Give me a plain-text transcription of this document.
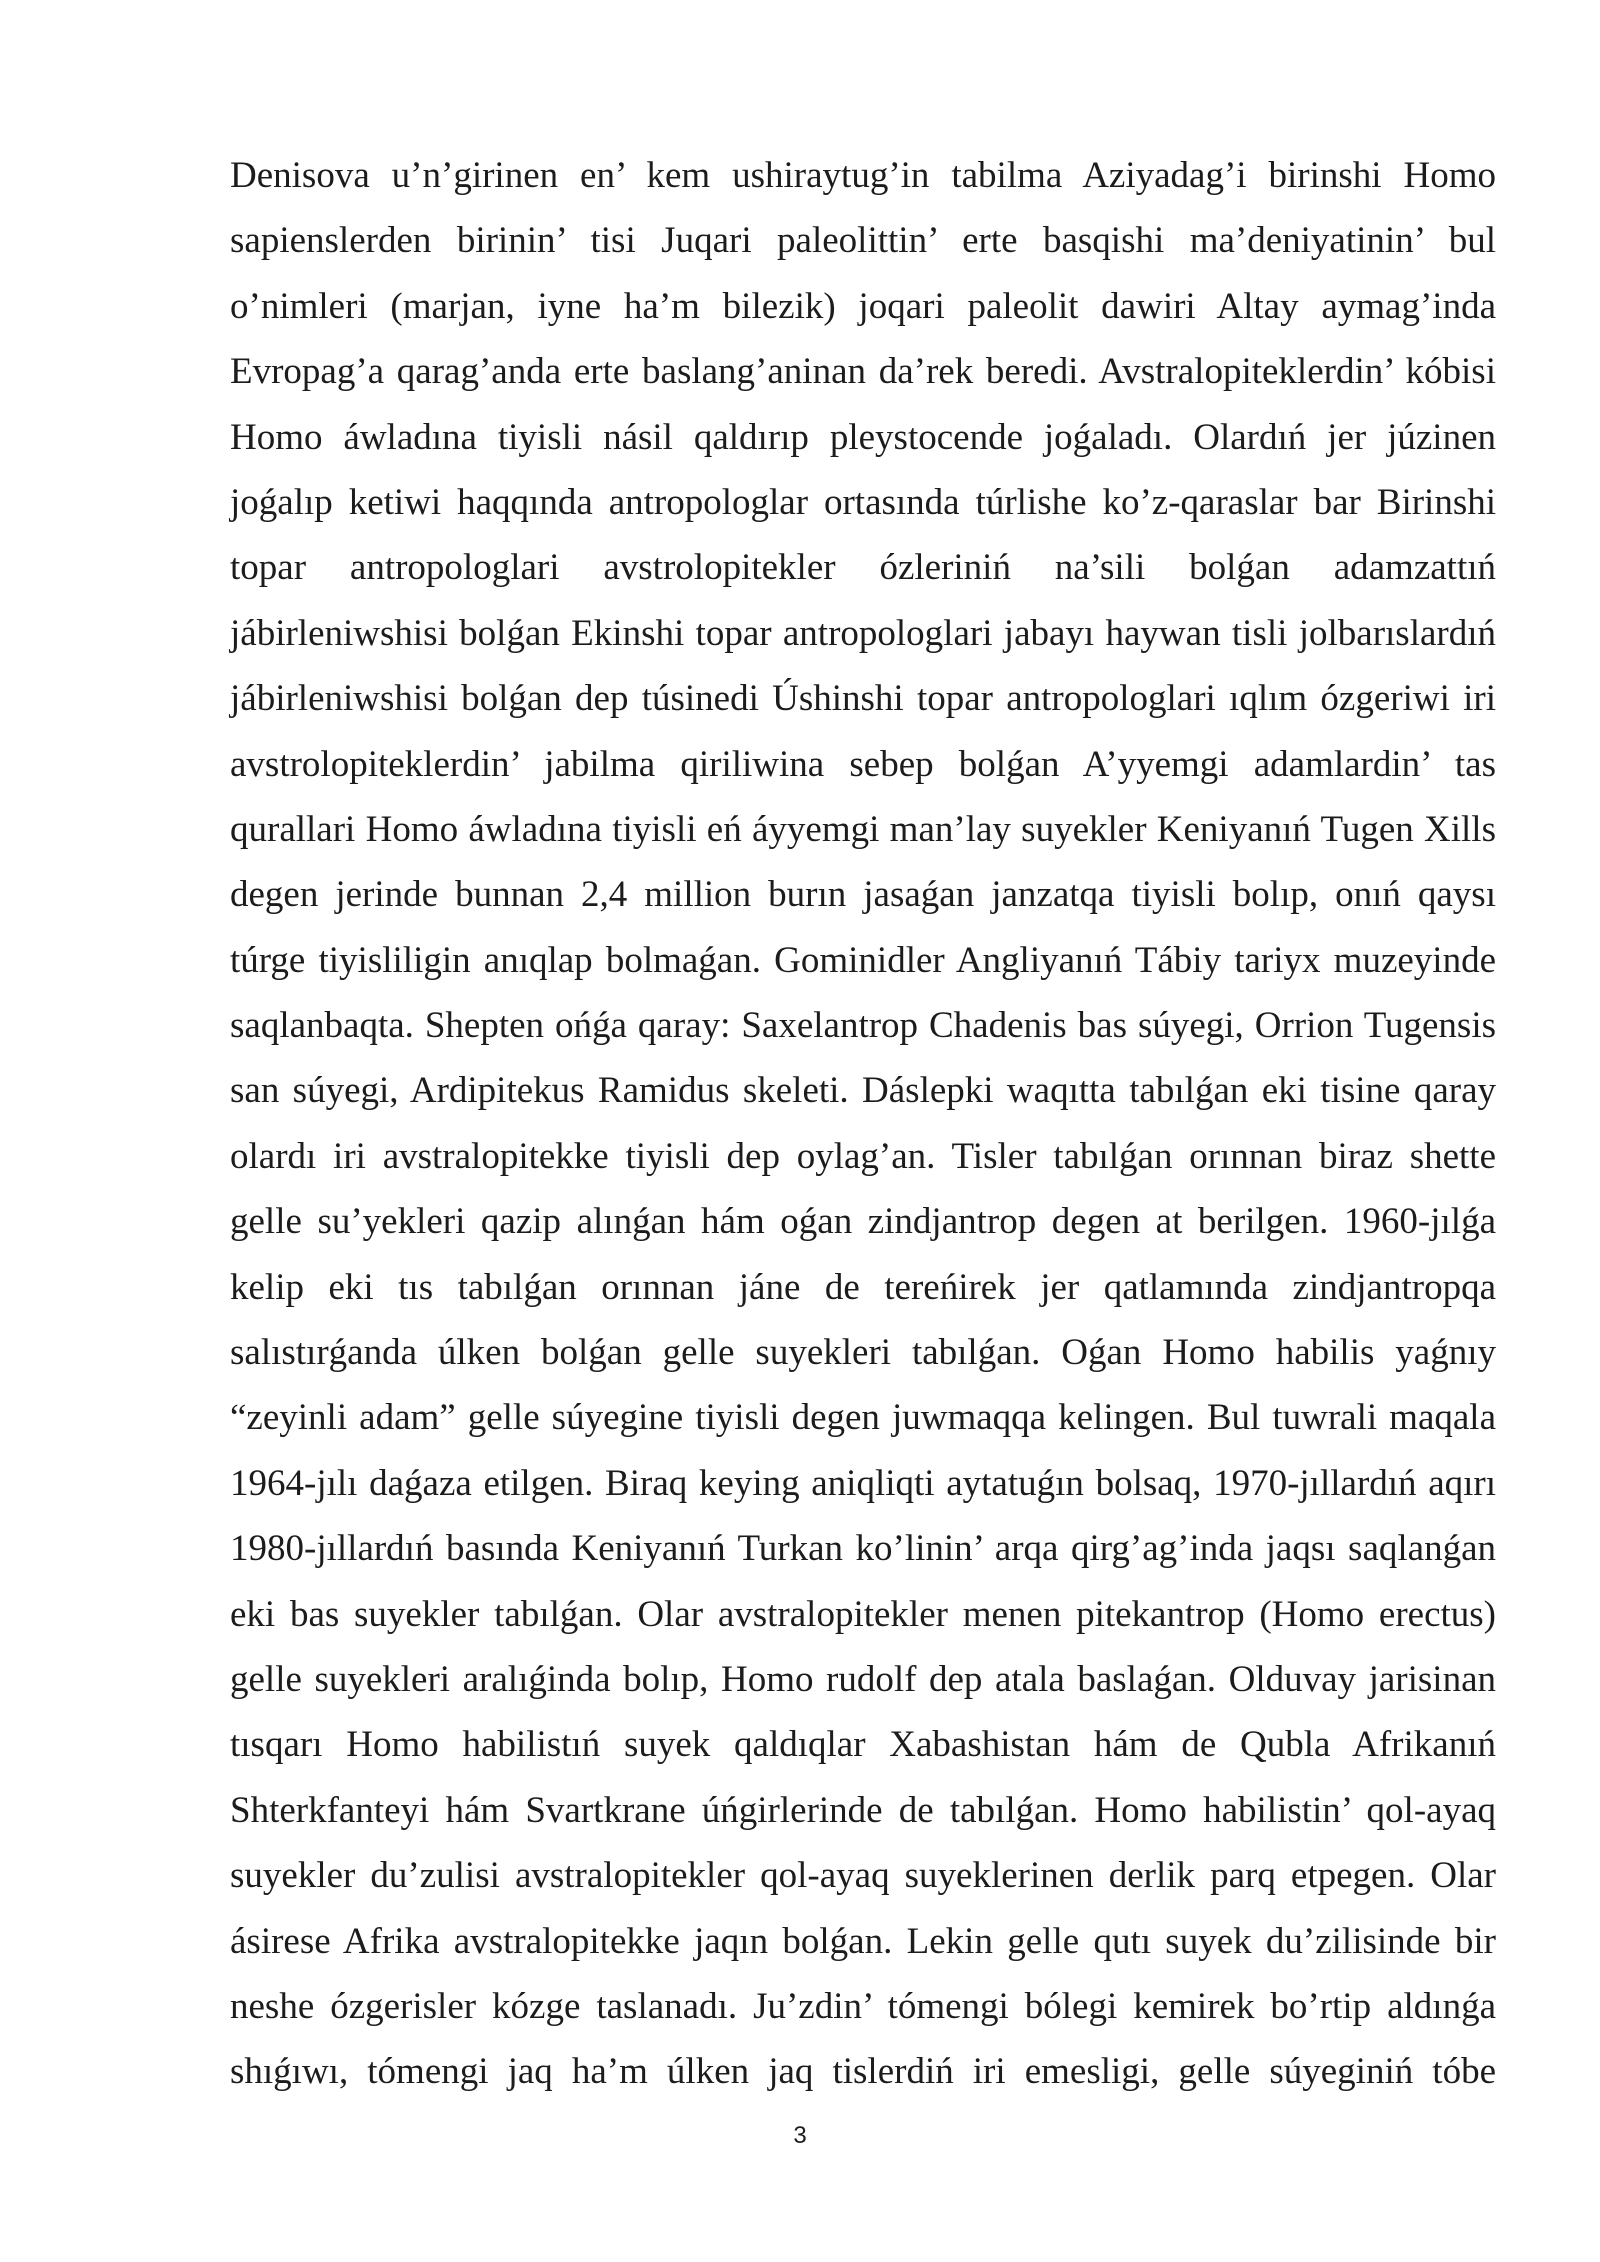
Denisova u’n’girinen en’ kem ushiraytug’in tabilma Aziyadag’i birinshi Homo
sapienslerden birinin’ tisi Juqari paleolittin’ erte basqishi ma’deniyatinin’ bul
o’nimleri (marjan, iyne ha’m bilezik) joqari paleolit dawiri Altay aymag’inda
Evropag’a qarag’anda erte baslang’aninan da’rek beredi. Avstralopiteklerdin’ kóbisi
Homo áwladına tiyisli násil qaldırıp pleystocende joǵaladı. Olardıń jer júzinen
joǵalıp ketiwi haqqında antropologlar ortasında túrlishe ko’z-qaraslar bar Birinshi
topar antropologlari avstrolopitekler ózleriniń na’sili bolǵan adamzattıń
jábirleniwshisi bolǵan Ekinshi topar antropologlari jabayı haywan tisli jolbarıslardıń
jábirleniwshisi bolǵan dep túsinedi Úshinshi topar antropologlari ıqlım ózgeriwi iri
avstrolopiteklerdin’ jabilma qiriliwina sebep bolǵan A’yyemgi adamlardin’ tas
qurallari Homo áwladına tiyisli eń áyyemgi man’lay suyekler Keniyanıń Tugen Xills
degen jerinde bunnan 2,4 million burın jasaǵan janzatqa tiyisli bolıp, onıń qaysı
túrge tiyisliligin anıqlap bolmaǵan. Gominidler Angliyanıń Tábiy tariyx muzeyinde
saqlanbaqta. Shepten ońǵa qaray: Saxelantrop Chadenis bas súyegi, Orrion Tugensis
san súyegi, Ardipitekus Ramidus skeleti. Dáslepki waqıtta tabılǵan eki tisine qaray
olardı iri avstralopitekke tiyisli dep oylag’an. Tisler tabılǵan orınnan biraz shette
gelle su’yekleri qazip alınǵan hám oǵan zindjantrop degen at berilgen. 1960-jılǵa
kelip eki tıs tabılǵan orınnan jáne de tereńirek jer qatlamında zindjantropqa
salıstırǵanda úlken bolǵan gelle suyekleri tabılǵan. Oǵan Homo habilis yaǵnıy
“zeyinli adam” gelle súyegine tiyisli degen juwmaqqa kelingen. Bul tuwrali maqala
1964-jılı daǵaza etilgen. Biraq keying aniqliqti aytatuǵın bolsaq, 1970-jıllardıń aqırı
1980-jıllardıń basında Keniyanıń Turkan ko’linin’ arqa qirg’ag’inda jaqsı saqlanǵan
eki bas suyekler tabılǵan. Olar avstralopitekler menen pitekantrop (Homo erectus)
gelle suyekleri aralıǵinda bolıp, Homo rudolf dep atala baslaǵan. Olduvay jarisinan
tısqarı Homo habilistıń suyek qaldıqlar Xabashistan hám de Qubla Afrikanıń
Shterkfanteyi hám Svartkrane úńgirlerinde de tabılǵan. Homo habilistin’ qol-ayaq
suyekler du’zulisi avstralopitekler qol-ayaq suyeklerinen derlik parq etpegen. Olar
ásirese Afrika avstralopitekke jaqın bolǵan. Lekin gelle qutı suyek du’zilisinde bir
neshe ózgerisler kózge taslanadı. Ju’zdin’ tómengi bólegi kemirek bo’rtip aldınǵa
shıǵıwı, tómengi jaq ha’m úlken jaq tislerdiń iri emesligi, gelle súyeginiń tóbe
3
